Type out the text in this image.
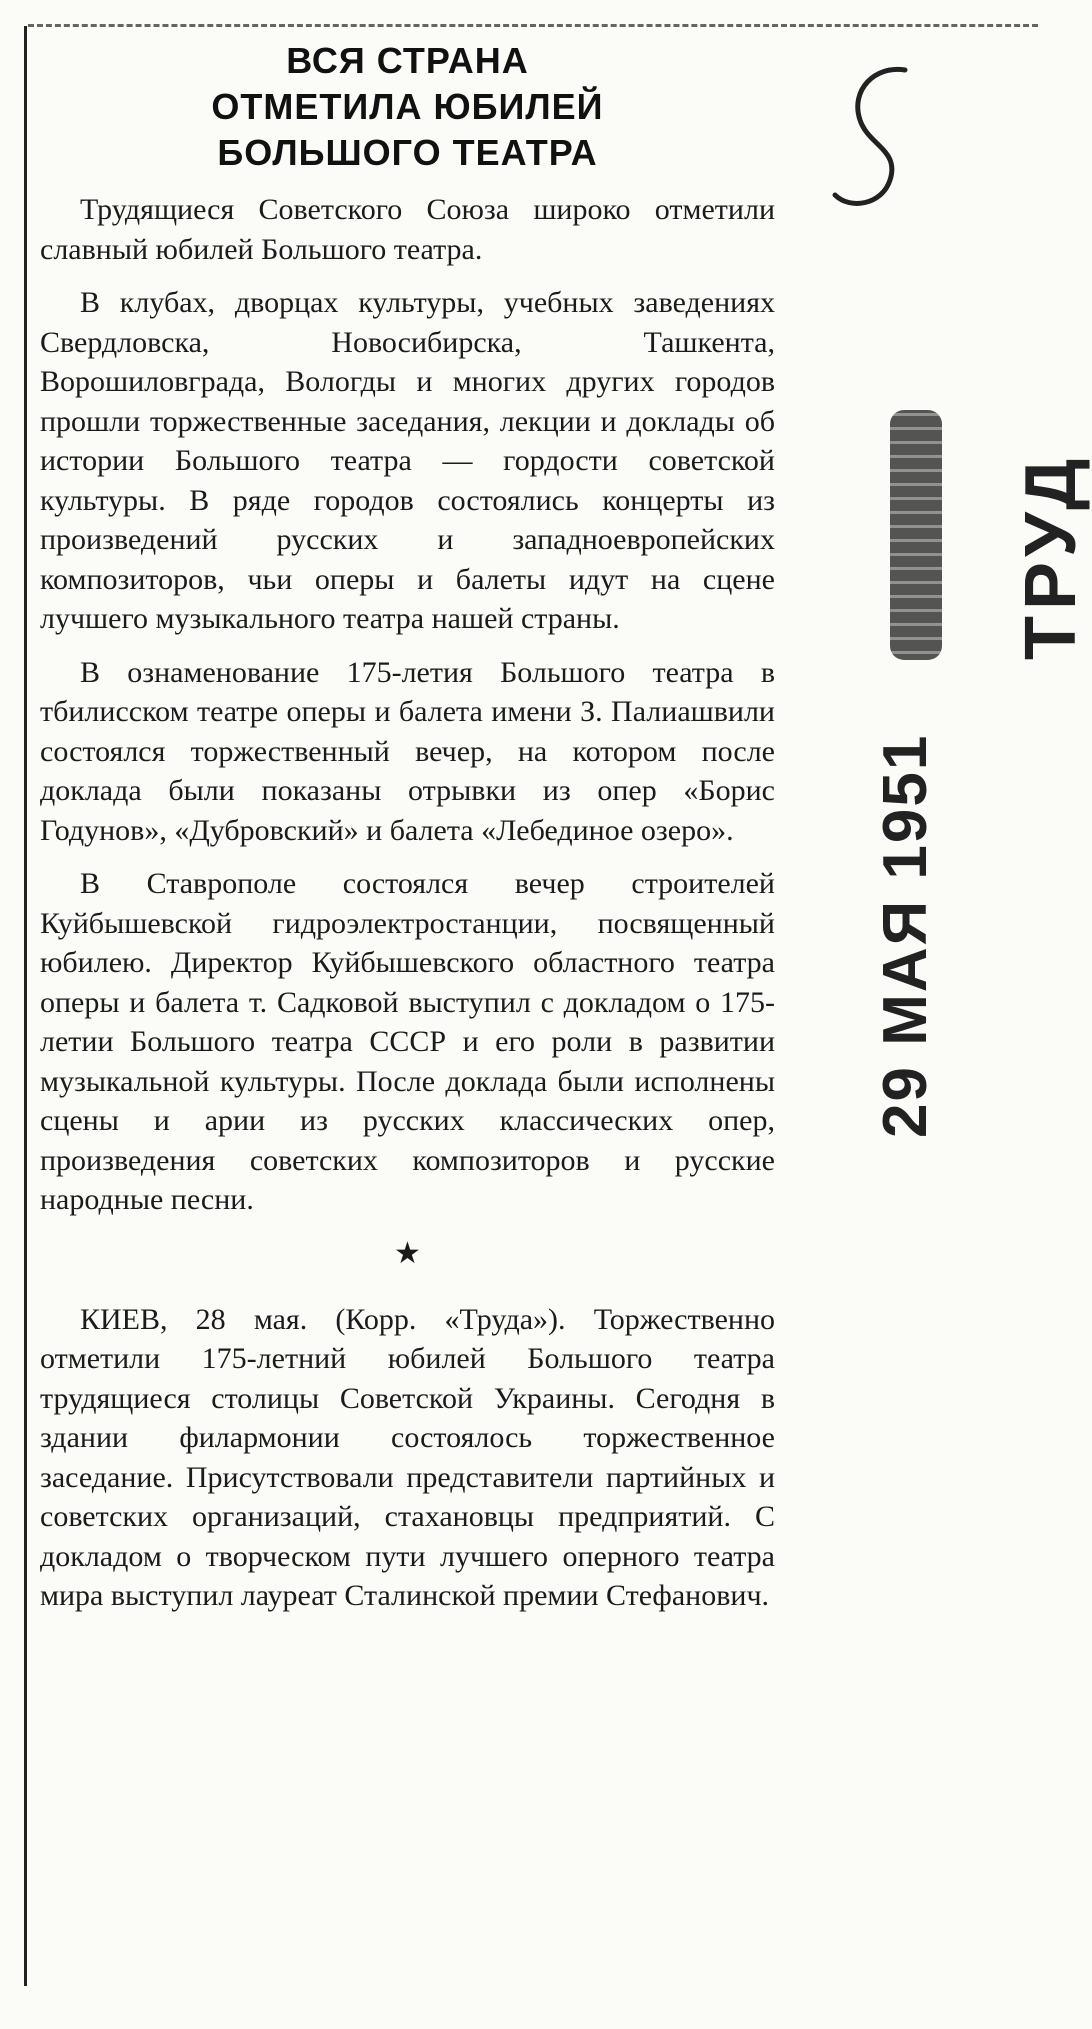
ВСЯ СТРАНА
ОТМЕТИЛА ЮБИЛЕЙ
БОЛЬШОГО ТЕАТРА

Трудящиеся Советского Союза широко отметили славный юбилей Большого театра.

В клубах, дворцах культуры, учебных заведениях Свердловска, Новосибирска, Ташкента, Ворошиловграда, Вологды и многих других городов прошли торжественные заседания, лекции и доклады об истории Большого театра — гордости советской культуры. В ряде городов состоялись концерты из произведений русских и западноевропейских композиторов, чьи оперы и балеты идут на сцене лучшего музыкального театра нашей страны.

В ознаменование 175-летия Большого театра в тбилисском театре оперы и балета имени З. Палиашвили состоялся торжественный вечер, на котором после доклада были показаны отрывки из опер «Борис Годунов», «Дубровский» и балета «Лебединое озеро».

В Ставрополе состоялся вечер строителей Куйбышевской гидроэлектростанции, посвященный юбилею. Директор Куйбышевского областного театра оперы и балета т. Садковой выступил с докладом о 175-летии Большого театра СССР и его роли в развитии музыкальной культуры. После доклада были исполнены сцены и арии из русских классических опер, произведения советских композиторов и русские народные песни.

★

КИЕВ, 28 мая. (Корр. «Труда»). Торжественно отметили 175-летний юбилей Большого театра трудящиеся столицы Советской Украины. Сегодня в здании филармонии состоялось торжественное заседание. Присутствовали представители партийных и советских организаций, стахановцы предприятий. С докладом о творческом пути лучшего оперного театра мира выступил лауреат Сталинской премии Стефанович.

ТРУД
29 МАЯ 1951
